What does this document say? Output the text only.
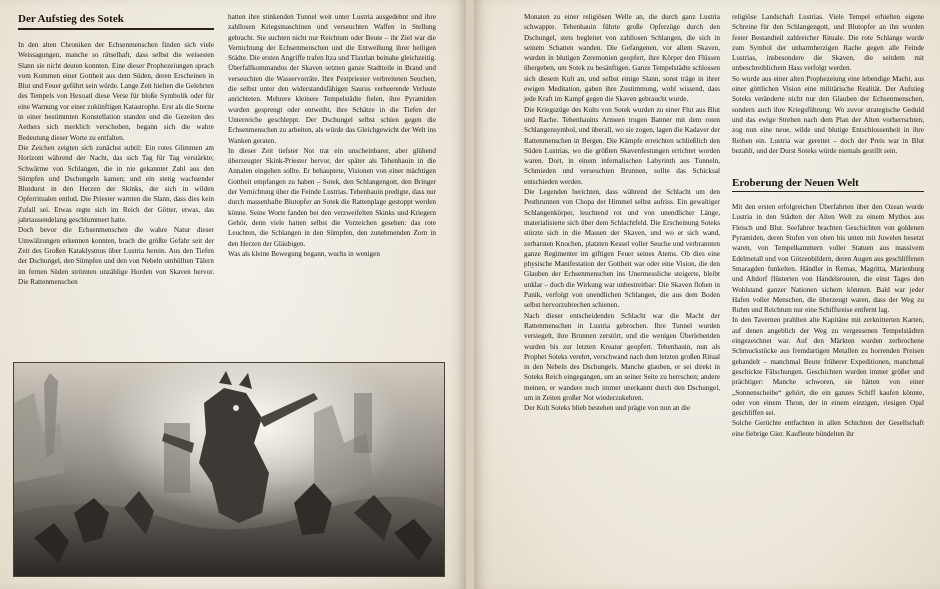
Der Aufstieg des Sotek

In den alten Chroniken der Echsenmenschen finden sich viele Weissagungen, manche so rätselhaft, dass selbst die weisesten Slann sie nicht deuten konnten. Eine dieser Prophezeiungen sprach vom Kommen einer Gottheit aus dem Süden, deren Erscheinen in Blut und Feuer geführt sein würde. Lange Zeit hielten die Gelehrten des Tempels von Hexoatl diese Verse für bloße Symbolik oder für eine Warnung vor einer zukünftigen Katastrophe. Erst als die Sterne in einer bestimmten Konstellation standen und die Gezeiten des Aethers sich merklich verschoben, begann sich die wahre Bedeutung dieser Worte zu entfalten.

Die Zeichen zeigten sich zunächst subtil: Ein rotes Glimmen am Horizont während der Nacht, das sich Tag für Tag verstärkte; Schwärme von Schlangen, die in nie gekannter Zahl aus den Sümpfen und Dschungeln kamen; und ein stetig wachsender Blutdurst in den Herzen der Skinks, der sich in wilden Opferritualen entlud. Die Priester warnten die Slann, dass dies kein Zufall sei. Etwas regte sich im Reich der Götter, etwas, das jahrtausendelang geschlummert hatte.

Doch bevor die Echsenmenschen die wahre Natur dieser Umwälzungen erkennen konnten, brach die größte Gefahr seit der Zeit des Großen Kataklysmus über Lustria herein. Aus den Tiefen der Dschungel, den Sümpfen und den von Nebeln umhüllten Tälern im fernen Süden strömten unzählige Horden von Skaven hervor. Die Rattenmenschen

hatten ihre stinkenden Tunnel weit unter Lustria ausgedehnt und ihre zahllosen Kriegsmaschinen und verseuchten Waffen in Stellung gebracht. Sie suchten nicht nur Reichtum oder Beute – ihr Ziel war die Vernichtung der Echsenmenschen und die Entweihung ihrer heiligen Städte. Die ersten Angriffe trafen Itza und Tlaxtlan beinahe gleichzeitig. Überfallkommandos der Skaven setzten ganze Stadtteile in Brand und verseuchten die Wasservorräte. Ihre Pestpriester verbreiteten Seuchen, die selbst unter den widerstandsfähigen Saurus verheerende Verluste anrichteten. Mehrere kleinere Tempelstädte fielen, ihre Pyramiden wurden gesprengt oder entweiht, ihre Schätze in die Tiefen der Unterreiche geschleppt. Der Dschungel selbst schien gegen die Echsenmenschen zu arbeiten, als würde das Gleichgewicht der Welt ins Wanken geraten.

In dieser Zeit tiefster Not trat ein unscheinbarer, aber glühend überzeugter Skink-Priester hervor, der später als Tehenhauin in die Annalen eingehen sollte. Er behauptete, Visionen von einer mächtigen Gottheit empfangen zu haben – Sotek, den Schlangengott, den Bringer der Vernichtung über die Feinde Lustrias. Tehenhauin predigte, dass nur durch massenhafte Blutopfer an Sotek die Rattenplage gestoppt werden könne. Seine Worte fanden bei den verzweifelten Skinks und Kriegern Gehör, denn viele hatten selbst die Vorzeichen gesehen: das rote Leuchten, die Schlangen in den Sümpfen, den zunehmenden Zorn in den Herzen der Gläubigen.

Was als kleine Bewegung begann, wuchs in wenigen

Monaten zu einer religiösen Welle an, die durch ganz Lustria schwappte. Tehenhauin führte große Opferzüge durch den Dschungel, stets begleitet von zahllosen Schlangen, die sich in seinem Schatten wanden. Die Gefangenen, vor allem Skaven, wurden in blutigen Zeremonien geopfert, ihre Körper den Flüssen übergeben, um Sotek zu besänftigen. Ganze Tempelstädte schlossen sich diesem Kult an, und selbst einige Slann, sonst träge in ihrer ewigen Meditation, gaben ihre Zustimmung, wohl wissend, dass jede Kraft im Kampf gegen die Skaven gebraucht wurde.

Die Kriegszüge des Kults von Sotek wurden zu einer Flut aus Blut und Rache. Tehenhauins Armeen trugen Banner mit dem roten Schlangensymbol, und überall, wo sie zogen, lagen die Kadaver der Rattenmenschen in Bergen. Die Kämpfe erreichten schließlich den Süden Lustrias, wo die größten Skavenfestungen errichtet worden waren. Dort, in einem infernalischen Labyrinth aus Tunneln, Schmieden und verseuchten Brunnen, sollte das Schicksal entschieden werden.

Die Legenden berichten, dass während der Schlacht um den Pesthrunnen von Chopa der Himmel selbst aufriss. Ein gewaltiger Schlangenkörper, leuchtend rot und von unendlicher Länge, materialisierte sich über dem Schlachtfeld. Die Erscheinung Soteks stürzte sich in die Massen der Skaven, und wo er sich wand, zerbarsten Knochen, platzten Kessel voller Seuche und verbrannten ganze Regimenter im giftigen Feuer seines Atems. Ob dies eine physische Manifestation der Gottheit war oder eine Vision, die den Glauben der Echsenmenschen ins Unermessliche steigerte, bleibt unklar – doch die Wirkung war unbestreitbar: Die Skaven flohen in Panik, verfolgt von unendlichen Schlangen, die aus dem Boden selbst hervorzubrechen schienen.

Nach dieser entscheidenden Schlacht war die Macht der Rattenmenschen in Lustria gebrochen. Ihre Tunnel wurden versiegelt, ihre Brunnen zerstört, und die wenigen Überlebenden wurden bis zur letzten Kreatur geopfert. Tehenhauin, nun als Prophet Soteks verehrt, verschwand nach dem letzten großen Ritual in den Nebeln des Dschungels. Manche glauben, er sei direkt in Soteks Reich eingegangen, um an seiner Seite zu herrschen; andere meinen, er wandere noch immer unerkannt durch den Dschungel, um in Zeiten großer Not wiederzukehren.

Der Kult Soteks blieb bestehen und prägte von nun an die

religiöse Landschaft Lustrias. Viele Tempel erhielten eigene Schreine für den Schlangengott, und Blutopfer an ihn wurden fester Bestandteil zahlreicher Rituale. Die rote Schlange wurde zum Symbol der unbarmherzigen Rache gegen alle Feinde Lustrias, insbesondere die Skaven, die seitdem mit unbeschreiblichem Hass verfolgt werden.

So wurde aus einer alten Prophezeiung eine lebendige Macht, aus einer göttlichen Vision eine militärische Realität. Der Aufstieg Soteks veränderte nicht nur den Glauben der Echsenmenschen, sondern auch ihre Kriegsführung: Wo zuvor strategische Geduld und das ewige Streben nach dem Plan der Alten vorherrschten, zog nun eine neue, wilde und blutige Entschlossenheit in ihre Reihen ein. Lustria war gerettet – doch der Preis war in Blut bezahlt, und der Durst Soteks würde niemals gestillt sein.

Eroberung der Neuen Welt

Mit den ersten erfolgreichen Überfahrten über den Ozean wurde Lustria in den Städten der Alten Welt zu einem Mythos aus Fleisch und Blut. Seefahrer brachten Geschichten von goldenen Pyramiden, deren Stufen von oben bis unten mit Juwelen besetzt waren, von Tempelkammern voller Statuen aus massivem Edelmetall und von Götzenbildern, deren Augen aus geschliffenen Smaragden funkelten. Händler in Remas, Magritta, Marienburg und Altdorf flüsterten von Handelsrouten, die einst Tages den Wohlstand ganzer Nationen sichern könnten. Bald war jeder Hafen voller Menschen, die überzeugt waren, dass der Weg zu Ruhm und Reichtum nur eine Schiffsreise entfernt lag.

In den Tavernen prahlten alte Kapitäne mit zerknitterten Karten, auf denen angeblich der Weg zu vergessenen Tempelstädten eingezeichnet war. Auf den Märkten wurden zerbrochene Schmuckstücke aus fremdartigen Metallen zu horrenden Preisen gehandelt – manchmal Beute früherer Expeditionen, manchmal geschickte Fälschungen. Geschichten wurden immer größer und prächtiger: Manche schworen, sie hätten von einer „Sonnenscheibe“ gehört, die ein ganzes Schiff kaufen könnte, oder von einem Thron, der in einem einzigen, riesigen Opal geschliffen sei.

Solche Gerüchte entfachten in allen Schichten der Gesellschaft eine fiebrige Gier. Kaufleute bündelten ihr
